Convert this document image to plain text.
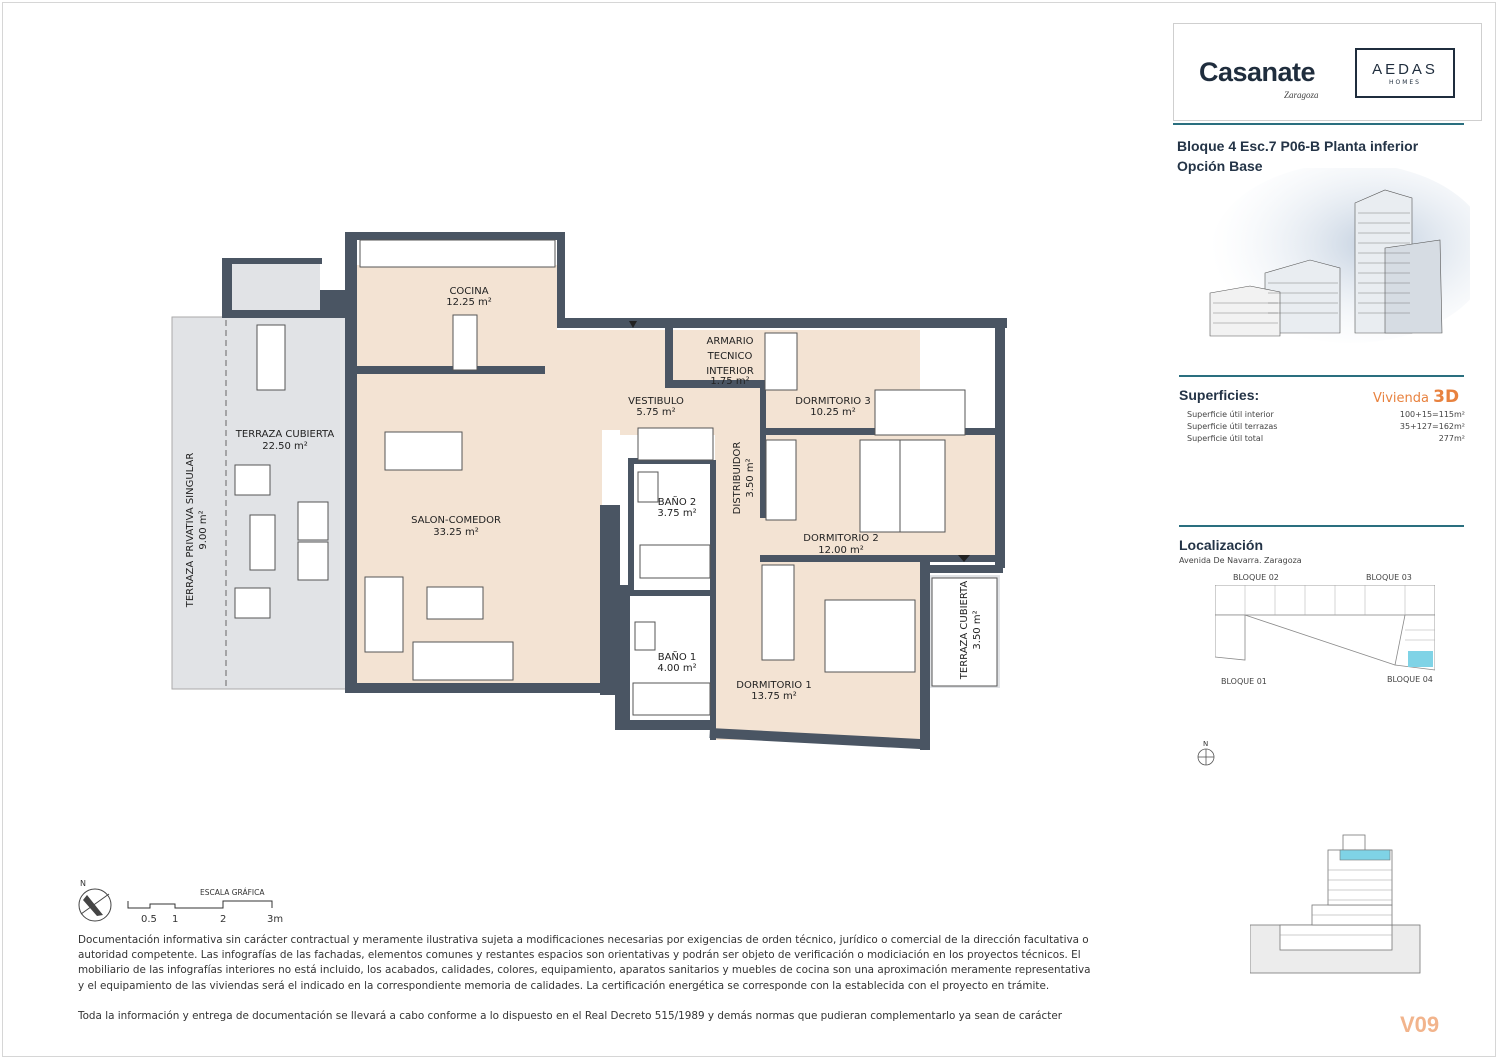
COCINA
12.25 m²
TERRAZA CUBIERTA
22.50 m²
TERRAZA PRIVATIVA SINGULAR 9.00 m²	SALON-COMEDOR
33.25 m²
VESTIBULO
5.75 m²
ARMARIO
TECNICO
INTERIOR
1.75 m²
DORMITORIO 3
10.25 m²
DISTRIBUIDOR 3.50 m²
BAÑO 2
3.75 m²
DORMITORIO 2
12.00 m²
BAÑO 1
4.00 m²
DORMITORIO 1
13.75 m²
TERRAZA CUBIERTA 3.50 m²
Casanate
Zaragoza
AEDAS
HOMES
Bloque 4 Esc.7 P06-B Planta inferior
Opción Base
Superficies:	Vivienda 3D
Superficie útil interior	100+15=115m²
Superficie útil terrazas	35+127=162m²
Superficie útil total	277m²
Localización
Avenida De Navarra. Zaragoza
BLOQUE 02	BLOQUE 03
BLOQUE 01	BLOQUE 04
N
N
ESCALA GRÁFICA
0.5 1	2	3m
Documentación informativa sin carácter contractual y meramente ilustrativa sujeta a modificaciones necesarias por exigencias de orden técnico, jurídico o comercial de la dirección facultativa o autoridad competente. Las infografías de las fachadas, elementos comunes y restantes espacios son orientativas y podrán ser objeto de verificación o modiciación en los proyectos técnicos. El mobiliario de las infografías interiores no está incluido, los acabados, calidades, colores, equipamiento, aparatos sanitarios y muebles de cocina son una aproximación meramente representativa y el equipamiento de las viviendas será el indicado en la correspondiente memoria de calidades. La certificación energética se corresponde con la establecida con el proyecto en trámite.
Toda la información y entrega de documentación se llevará a cabo conforme a lo dispuesto en el Real Decreto 515/1989 y demás normas que pudieran complementarlo ya sean de carácter	V09
